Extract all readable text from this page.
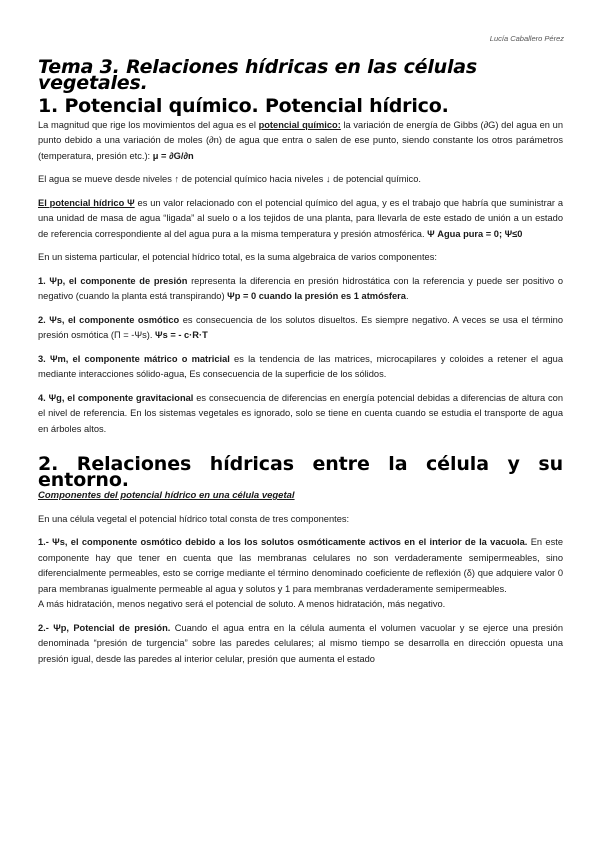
Lucía Caballero Pérez
Tema 3. Relaciones hídricas en las células vegetales.
1. Potencial químico. Potencial hídrico.

La magnitud que rige los movimientos del agua es el potencial químico: la variación de energía de Gibbs (∂G) del agua en un punto debido a una variación de moles (∂n) de agua que entra o salen de ese punto, siendo constante los otros parámetros (temperatura, presión etc.): μ = ∂G/∂n

El agua se mueve desde niveles ↑ de potencial químico hacia niveles ↓ de potencial químico.

El potencial hídrico Ψ es un valor relacionado con el potencial químico del agua, y es el trabajo que habría que suministrar a una unidad de masa de agua “ligada” al suelo o a los tejidos de una planta, para llevarla de este estado de unión a un estado de referencia correspondiente al del agua pura a la misma temperatura y presión atmosférica. Ψ Agua pura = 0; Ψ≤0

En un sistema particular, el potencial hídrico total, es la suma algebraica de varios componentes:

1. Ψp, el componente de presión representa la diferencia en presión hidrostática con la referencia y puede ser positivo o negativo (cuando la planta está transpirando) Ψp = 0 cuando la presión es 1 atmósfera.

2. Ψs, el componente osmótico es consecuencia de los solutos disueltos. Es siempre negativo. A veces se usa el término presión osmótica (Π = -Ψs). Ψs = - c·R·T

3. Ψm, el componente mátrico o matricial es la tendencia de las matrices, microcapilares y coloides a retener el agua mediante interacciones sólido-agua, Es consecuencia de la superficie de los sólidos.

4. Ψg, el componente gravitacional es consecuencia de diferencias en energía potencial debidas a diferencias de altura con el nivel de referencia. En los sistemas vegetales es ignorado, solo se tiene en cuenta cuando se estudia el transporte de agua en árboles altos.

2. Relaciones hídricas entre la célula y su entorno.
Componentes del potencial hídrico en una célula vegetal

En una célula vegetal el potencial hídrico total consta de tres componentes:

1.- Ψs, el componente osmótico debido a los los solutos osmóticamente activos en el interior de la vacuola. En este componente hay que tener en cuenta que las membranas celulares no son verdaderamente semipermeables, sino diferencialmente permeables, esto se corrige mediante el término denominado coeficiente de reflexión (δ) que adquiere valor 0 para membranas igualmente permeable al agua y solutos y 1 para membranas verdaderamente semipermeables.

A más hidratación, menos negativo será el potencial de soluto. A menos hidratación, más negativo.

2.- Ψp, Potencial de presión. Cuando el agua entra en la célula aumenta el volumen vacuolar y se ejerce una presión denominada “presión de turgencia” sobre las paredes celulares; al mismo tiempo se desarrolla en dirección opuesta una presión igual, desde las paredes al interior celular, presión que aumenta el estado
